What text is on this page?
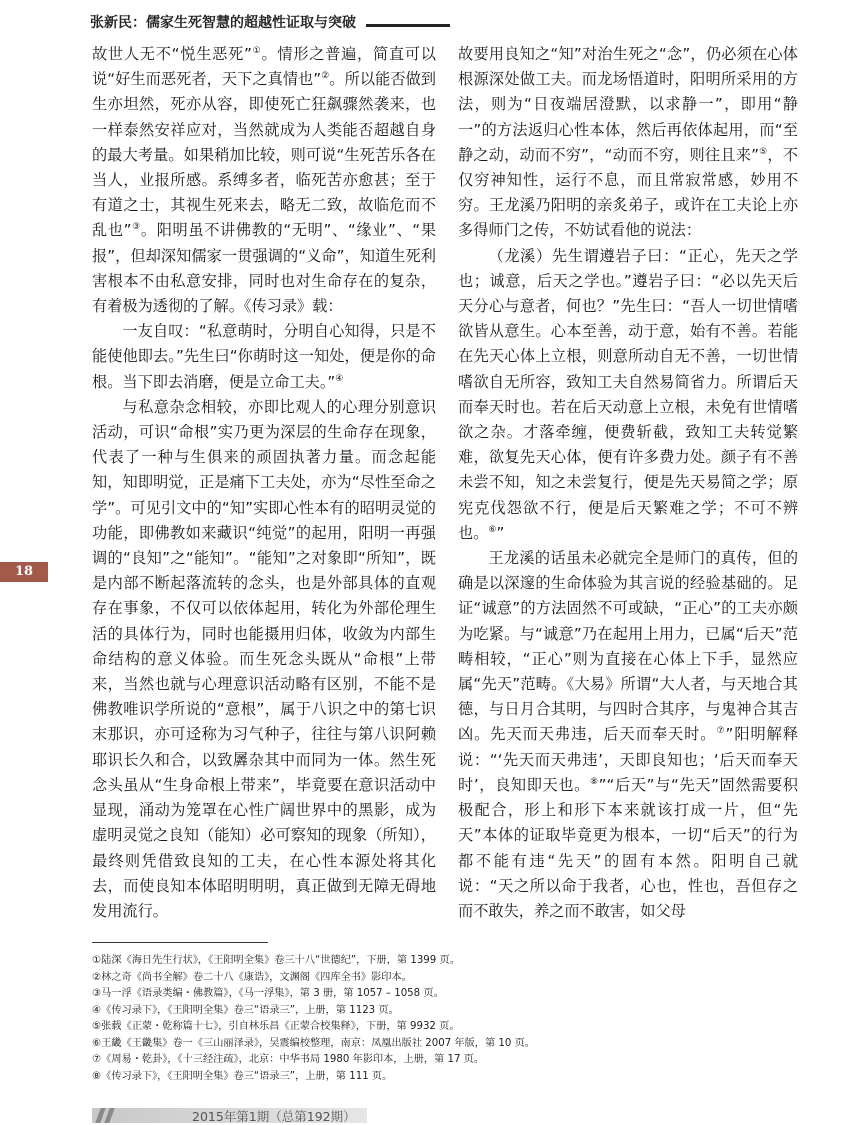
张新民：儒家生死智慧的超越性证取与突破
18

故世人无不“悦生恶死”①。情形之普遍，简直可以说“好生而恶死者，天下之真情也”②。所以能否做到生亦坦然，死亦从容，即使死亡狂飙骤然袭来，也一样泰然安祥应对，当然就成为人类能否超越自身的最大考量。如果稍加比较，则可说“生死苦乐各在当人，业报所感。系缚多者，临死苦亦愈甚；至于有道之士，其视生死来去，略无二致，故临危而不乱也”③。阳明虽不讲佛教的“无明”、“缘业”、“果报”，但却深知儒家一贯强调的“义命”，知道生死利害根本不由私意安排，同时也对生命存在的复杂，有着极为透彻的了解。《传习录》载：

一友自叹：“私意萌时，分明自心知得，只是不能使他即去。”先生曰“你萌时这一知处，便是你的命根。当下即去消磨，便是立命工夫。”④

与私意杂念相较，亦即比观人的心理分别意识活动，可识“命根”实乃更为深层的生命存在现象，代表了一种与生俱来的顽固执著力量。而念起能知，知即明觉，正是痛下工夫处，亦为“尽性至命之学”。可见引文中的“知”实即心性本有的昭明灵觉的功能，即佛教如来藏识“纯觉”的起用，阳明一再强调的“良知”之“能知”。“能知”之对象即“所知”，既是内部不断起落流转的念头，也是外部具体的直观存在事象，不仅可以依体起用，转化为外部伦理生活的具体行为，同时也能摄用归体，收敛为内部生命结构的意义体验。而生死念头既从“命根”上带来，当然也就与心理意识活动略有区别，不能不是佛教唯识学所说的“意根”，属于八识之中的第七识末那识，亦可迳称为习气种子，往往与第八识阿赖耶识长久和合，以致羼杂其中而同为一体。然生死念头虽从“生身命根上带来”，毕竟要在意识活动中显现，涌动为笼罩在心性广阔世界中的黑影，成为虚明灵觉之良知（能知）必可察知的现象（所知），最终则凭借致良知的工夫，在心性本源处将其化去，而使良知本体昭明明明，真正做到无障无碍地发用流行。

故要用良知之“知”对治生死之“念”，仍必须在心体根源深处做工夫。而龙场悟道时，阳明所采用的方法，则为“日夜端居澄默，以求静一”，即用“静一”的方法返归心性本体，然后再依体起用，而“至静之动，动而不穷”，“动而不穷，则往且来”⑤，不仅穷神知性，运行不息，而且常寂常感，妙用不穷。王龙溪乃阳明的亲炙弟子，或许在工夫论上亦多得师门之传，不妨试看他的说法：

（龙溪）先生谓遵岩子曰：“正心，先天之学也；诚意，后天之学也。”遵岩子曰：“必以先天后天分心与意者，何也？”先生曰：“吾人一切世情嗜欲皆从意生。心本至善，动于意，始有不善。若能在先天心体上立根，则意所动自无不善，一切世情嗜欲自无所容，致知工夫自然易简省力。所谓后天而奉天时也。若在后天动意上立根，未免有世情嗜欲之杂。才落牵缠，便费斩截，致知工夫转觉繁难，欲复先天心体，便有许多费力处。颜子有不善未尝不知，知之未尝复行，便是先天易简之学；原宪克伐怨欲不行，便是后天繁难之学；不可不辨也。⑥”

王龙溪的话虽未必就完全是师门的真传，但的确是以深邃的生命体验为其言说的经验基础的。足证“诚意”的方法固然不可或缺，“正心”的工夫亦颇为吃紧。与“诚意”乃在起用上用力，已属“后天”范畴相较，“正心”则为直接在心体上下手，显然应属“先天”范畴。《大易》所谓“大人者，与天地合其德，与日月合其明，与四时合其序，与鬼神合其吉凶。先天而天弗违，后天而奉天时。⑦”阳明解释说：“‘先天而天弗违’，天即良知也；‘后天而奉天时’，良知即天也。⑧”“后天”与“先天”固然需要积极配合，形上和形下本来就该打成一片，但“先天”本体的证取毕竟更为根本，一切“后天”的行为都不能有违“先天”的固有本然。阳明自己就说：“天之所以命于我者，心也，性也，吾但存之而不敢失，养之而不敢害，如父母

①陆深《海日先生行状》，《王阳明全集》卷三十八“世德纪”，下册，第 1399 页。
②林之奇《尚书全解》卷二十八《康诰》，文渊阁《四库全书》影印本。
③马一浮《语录类编・佛教篇》，《马一浮集》，第 3 册，第 1057 – 1058 页。
④《传习录下》，《王阳明全集》卷三“语录三”，上册，第 1123 页。
⑤张载《正蒙・乾称篇十七》，引自林乐昌《正蒙合校集释》，下册，第 9932 页。
⑥王畿《王畿集》卷一《三山丽泽录》，吴震编校整理，南京：凤凰出版社 2007 年版，第 10 页。
⑦《周易・乾卦》，《十三经注疏》，北京：中华书局 1980 年影印本，上册，第 17 页。
⑧《传习录下》，《王阳明全集》卷三“语录三”，上册，第 111 页。
2015年第1期（总第192期）
